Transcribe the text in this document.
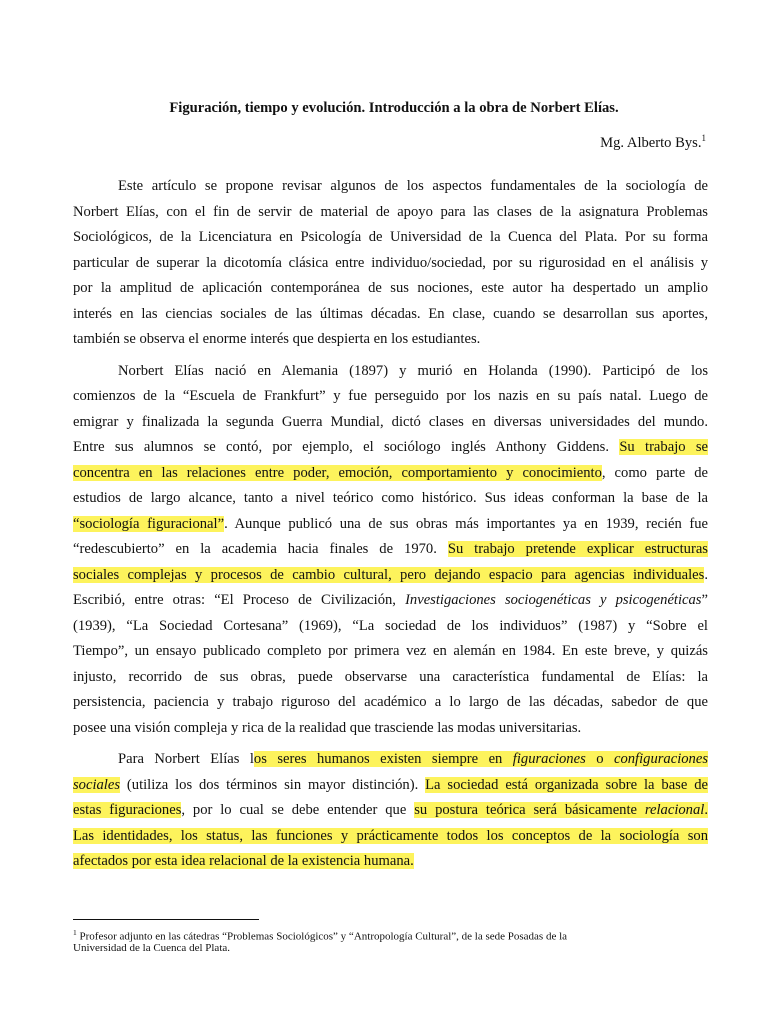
Figuración, tiempo y evolución. Introducción a la obra de Norbert Elías.
Mg. Alberto Bys.$^1$
Este artículo se propone revisar algunos de los aspectos fundamentales de la sociología de
Norbert Elías, con el fin de servir de material de apoyo para las clases de la asignatura Problemas
Sociológicos, de la Licenciatura en Psicología de Universidad de la Cuenca del Plata. Por su forma
particular de superar la dicotomía clásica entre individuo/sociedad, por su rigurosidad en el análisis y
por la amplitud de aplicación contemporánea de sus nociones, este autor ha despertado un amplio
interés en las ciencias sociales de las últimas décadas. En clase, cuando se desarrollan sus aportes,
también se observa el enorme interés que despierta en los estudiantes.
Norbert Elías nació en Alemania (1897) y murió en Holanda (1990). Participó de los
comienzos de la “Escuela de Frankfurt” y fue perseguido por los nazis en su país natal. Luego de
emigrar y finalizada la segunda Guerra Mundial, dictó clases en diversas universidades del mundo.
Entre sus alumnos se contó, por ejemplo, el sociólogo inglés Anthony Giddens. Su trabajo se
concentra en las relaciones entre poder, emoción, comportamiento y conocimiento, como parte de
estudios de largo alcance, tanto a nivel teórico como histórico. Sus ideas conforman la base de la
“sociología figuracional”. Aunque publicó una de sus obras más importantes ya en 1939, recién fue
“redescubierto” en la academia hacia finales de 1970. Su trabajo pretende explicar estructuras
sociales complejas y procesos de cambio cultural, pero dejando espacio para agencias individuales.
Escribió, entre otras: “El Proceso de Civilización, Investigaciones sociogenéticas y psicogenéticas”
(1939), “La Sociedad Cortesana” (1969), “La sociedad de los individuos” (1987) y “Sobre el
Tiempo”, un ensayo publicado completo por primera vez en alemán en 1984. En este breve, y quizás
injusto, recorrido de sus obras, puede observarse una característica fundamental de Elías: la
persistencia, paciencia y trabajo riguroso del académico a lo largo de las décadas, sabedor de que
posee una visión compleja y rica de la realidad que trasciende las modas universitarias.
Para Norbert Elías los seres humanos existen siempre en figuraciones o configuraciones
sociales (utiliza los dos términos sin mayor distinción). La sociedad está organizada sobre la base de
estas figuraciones, por lo cual se debe entender que su postura teórica será básicamente relacional.
Las identidades, los status, las funciones y prácticamente todos los conceptos de la sociología son
afectados por esta idea relacional de la existencia humana.
$^1$ Profesor adjunto en las cátedras “Problemas Sociológicos” y “Antropología Cultural”, de la sede Posadas de la
Universidad de la Cuenca del Plata.
